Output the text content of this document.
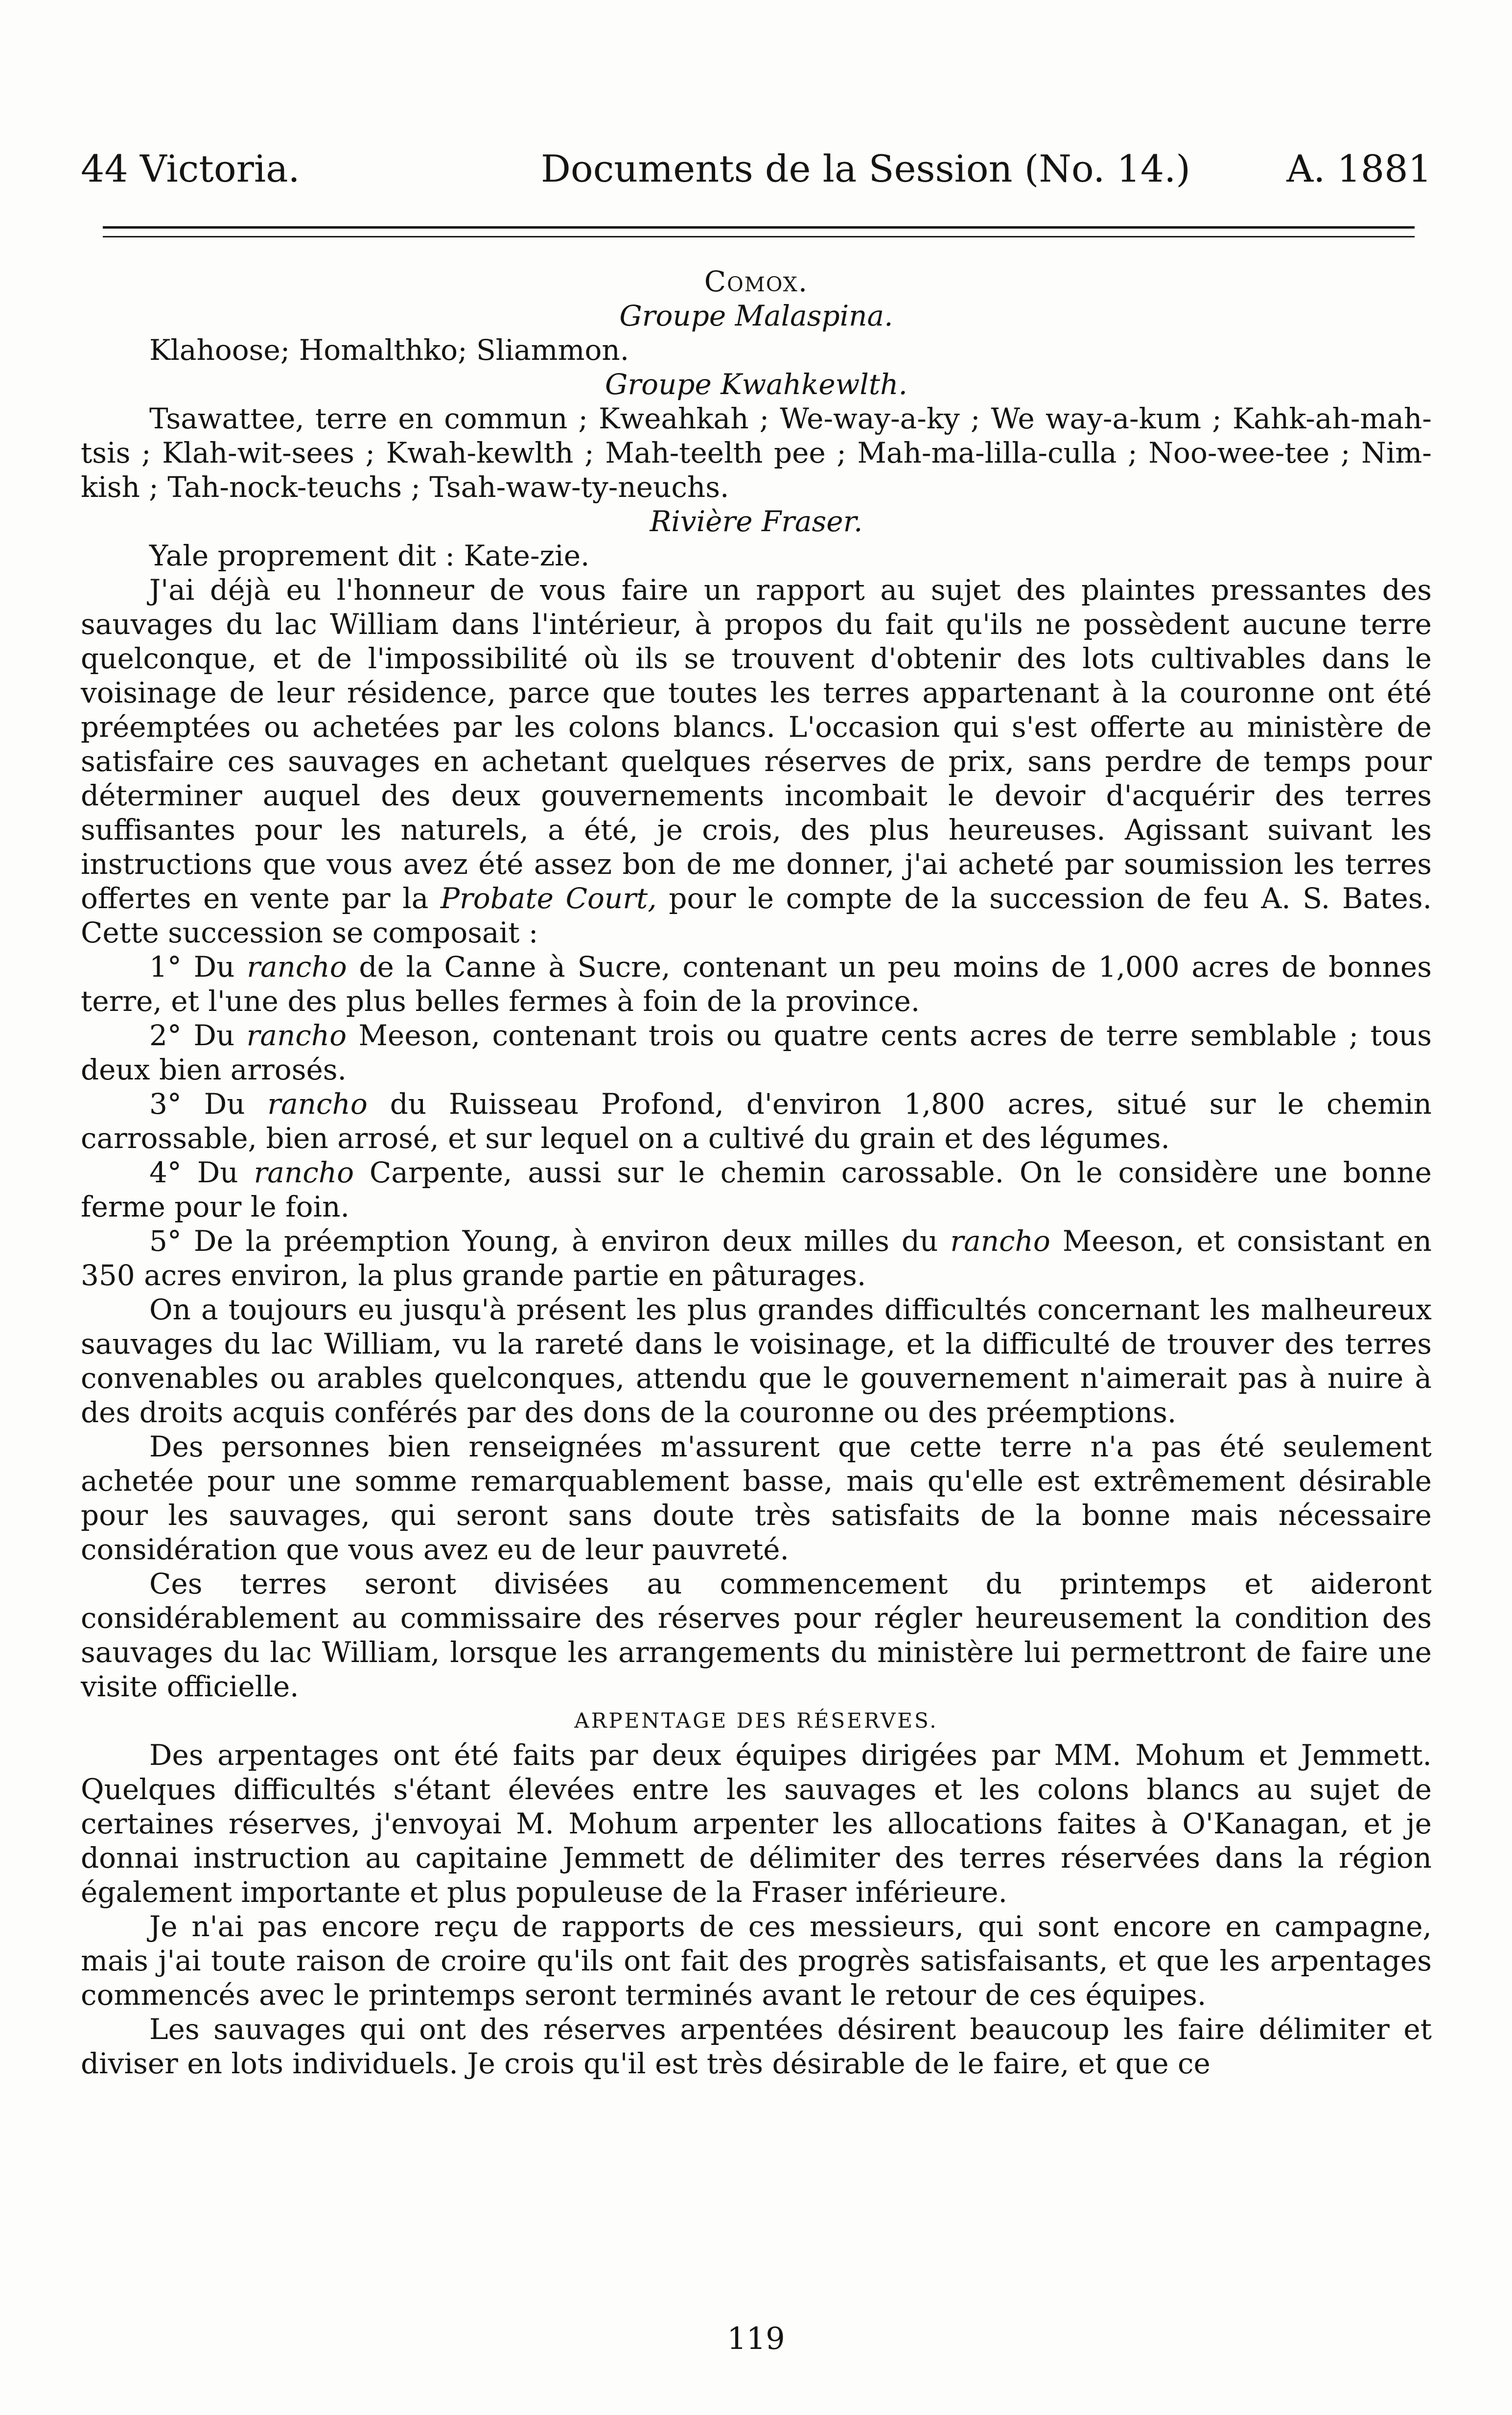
44 Victoria.	Documents de la Session (No. 14.)	A. 1881
Comox.

Groupe Malaspina.

Klahoose; Homalthko; Sliammon.

Groupe Kwahkewlth.

Tsawattee, terre en commun ; Kweahkah ; We-way-a-ky ; We way-a-kum ; Kahk-ah-mah-tsis ; Klah-wit-sees ; Kwah-kewlth ; Mah-teelth pee ; Mah-ma-lilla-culla ; Noo-wee-tee ; Nim-kish ; Tah-nock-teuchs ; Tsah-waw-ty-neuchs.

Rivière Fraser.

Yale proprement dit : Kate-zie.

J'ai déjà eu l'honneur de vous faire un rapport au sujet des plaintes pressantes des sauvages du lac William dans l'intérieur, à propos du fait qu'ils ne possèdent aucune terre quelconque, et de l'impossibilité où ils se trouvent d'obtenir des lots cultivables dans le voisinage de leur résidence, parce que toutes les terres appartenant à la couronne ont été préemptées ou achetées par les colons blancs. L'occasion qui s'est offerte au ministère de satisfaire ces sauvages en achetant quelques réserves de prix, sans perdre de temps pour déterminer auquel des deux gouvernements incombait le devoir d'acquérir des terres suffisantes pour les naturels, a été, je crois, des plus heureuses. Agissant suivant les instructions que vous avez été assez bon de me donner, j'ai acheté par soumission les terres offertes en vente par la Probate Court, pour le compte de la succession de feu A. S. Bates. Cette succession se composait :

1° Du rancho de la Canne à Sucre, contenant un peu moins de 1,000 acres de bonnes terre, et l'une des plus belles fermes à foin de la province.

2° Du rancho Meeson, contenant trois ou quatre cents acres de terre semblable ; tous deux bien arrosés.

3° Du rancho du Ruisseau Profond, d'environ 1,800 acres, situé sur le chemin carrossable, bien arrosé, et sur lequel on a cultivé du grain et des légumes.

4° Du rancho Carpente, aussi sur le chemin carossable. On le considère une bonne ferme pour le foin.

5° De la préemption Young, à environ deux milles du rancho Meeson, et consistant en 350 acres environ, la plus grande partie en pâturages.

On a toujours eu jusqu'à présent les plus grandes difficultés concernant les malheureux sauvages du lac William, vu la rareté dans le voisinage, et la difficulté de trouver des terres convenables ou arables quelconques, attendu que le gouvernement n'aimerait pas à nuire à des droits acquis conférés par des dons de la couronne ou des préemptions.

Des personnes bien renseignées m'assurent que cette terre n'a pas été seulement achetée pour une somme remarquablement basse, mais qu'elle est extrêmement désirable pour les sauvages, qui seront sans doute très satisfaits de la bonne mais nécessaire considération que vous avez eu de leur pauvreté.

Ces terres seront divisées au commencement du printemps et aideront considérablement au commissaire des réserves pour régler heureusement la condition des sauvages du lac William, lorsque les arrangements du ministère lui permettront de faire une visite officielle.

ARPENTAGE DES RÉSERVES.

Des arpentages ont été faits par deux équipes dirigées par MM. Mohum et Jemmett. Quelques difficultés s'étant élevées entre les sauvages et les colons blancs au sujet de certaines réserves, j'envoyai M. Mohum arpenter les allocations faites à O'Kanagan, et je donnai instruction au capitaine Jemmett de délimiter des terres réservées dans la région également importante et plus populeuse de la Fraser inférieure.

Je n'ai pas encore reçu de rapports de ces messieurs, qui sont encore en campagne, mais j'ai toute raison de croire qu'ils ont fait des progrès satisfaisants, et que les arpentages commencés avec le printemps seront terminés avant le retour de ces équipes.

Les sauvages qui ont des réserves arpentées désirent beaucoup les faire délimiter et diviser en lots individuels. Je crois qu'il est très désirable de le faire, et que ce

119
